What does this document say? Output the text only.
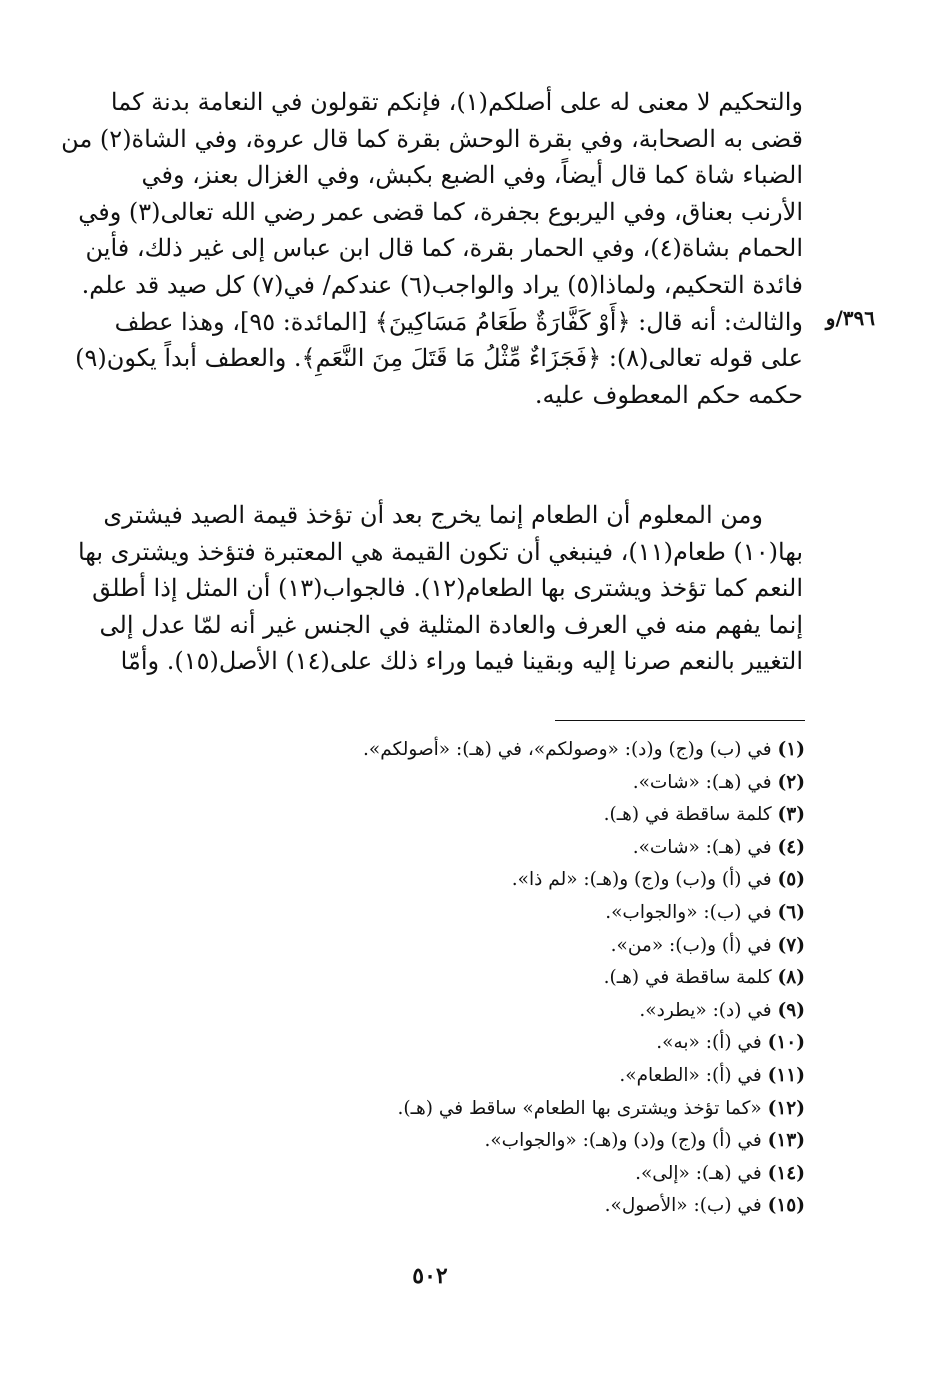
٣٩٦/و
والتحكيم لا معنى له على أصلكم(١)، فإنكم تقولون في النعامة بدنة كما
قضى به الصحابة، وفي بقرة الوحش بقرة كما قال عروة، وفي الشاة(٢) من
الضباء شاة كما قال أيضاً، وفي الضبع بكبش، وفي الغزال بعنز، وفي
الأرنب بعناق، وفي اليربوع بجفرة، كما قضى عمر رضي الله تعالى(٣) وفي
الحمام بشاة(٤)، وفي الحمار بقرة، كما قال ابن عباس إلى غير ذلك، فأين
فائدة التحكيم، ولماذا(٥) يراد والواجب(٦) عندكم/ في(٧) كل صيد قد علم.
والثالث: أنه قال: ﴿أَوْ كَفَّارَةٌ طَعَامُ مَسَاكِينَ﴾ [المائدة: ٩٥]، وهذا عطف
على قوله تعالى(٨): ﴿فَجَزَاءٌ مِّثْلُ مَا قَتَلَ مِنَ النَّعَمِ﴾. والعطف أبداً يكون(٩)
حكمه حكم المعطوف عليه.
ومن المعلوم أن الطعام إنما يخرج بعد أن تؤخذ قيمة الصيد فيشترى
بها(١٠) طعام(١١)، فينبغي أن تكون القيمة هي المعتبرة فتؤخذ ويشترى بها
النعم كما تؤخذ ويشترى بها الطعام(١٢). فالجواب(١٣) أن المثل إذا أطلق
إنما يفهم منه في العرف والعادة المثلية في الجنس غير أنه لمّا عدل إلى
التغيير بالنعم صرنا إليه وبقينا فيما وراء ذلك على(١٤) الأصل(١٥). وأمّا
(١) في (ب) و(ج) و(د): «وصولكم»، في (هـ): «أصولكم».
(٢) في (هـ): «شات».
(٣) كلمة ساقطة في (هـ).
(٤) في (هـ): «شات».
(٥) في (أ) و(ب) و(ج) و(هـ): «لم ذا».
(٦) في (ب): «والجواب».
(٧) في (أ) و(ب): «من».
(٨) كلمة ساقطة في (هـ).
(٩) في (د): «يطرد».
(١٠) في (أ): «به».
(١١) في (أ): «الطعام».
(١٢) «كما تؤخذ ويشترى بها الطعام» ساقط في (هـ).
(١٣) في (أ) و(ج) و(د) و(هـ): «والجواب».
(١٤) في (هـ): «إلى».
(١٥) في (ب): «الأصول».
٥٠٢
